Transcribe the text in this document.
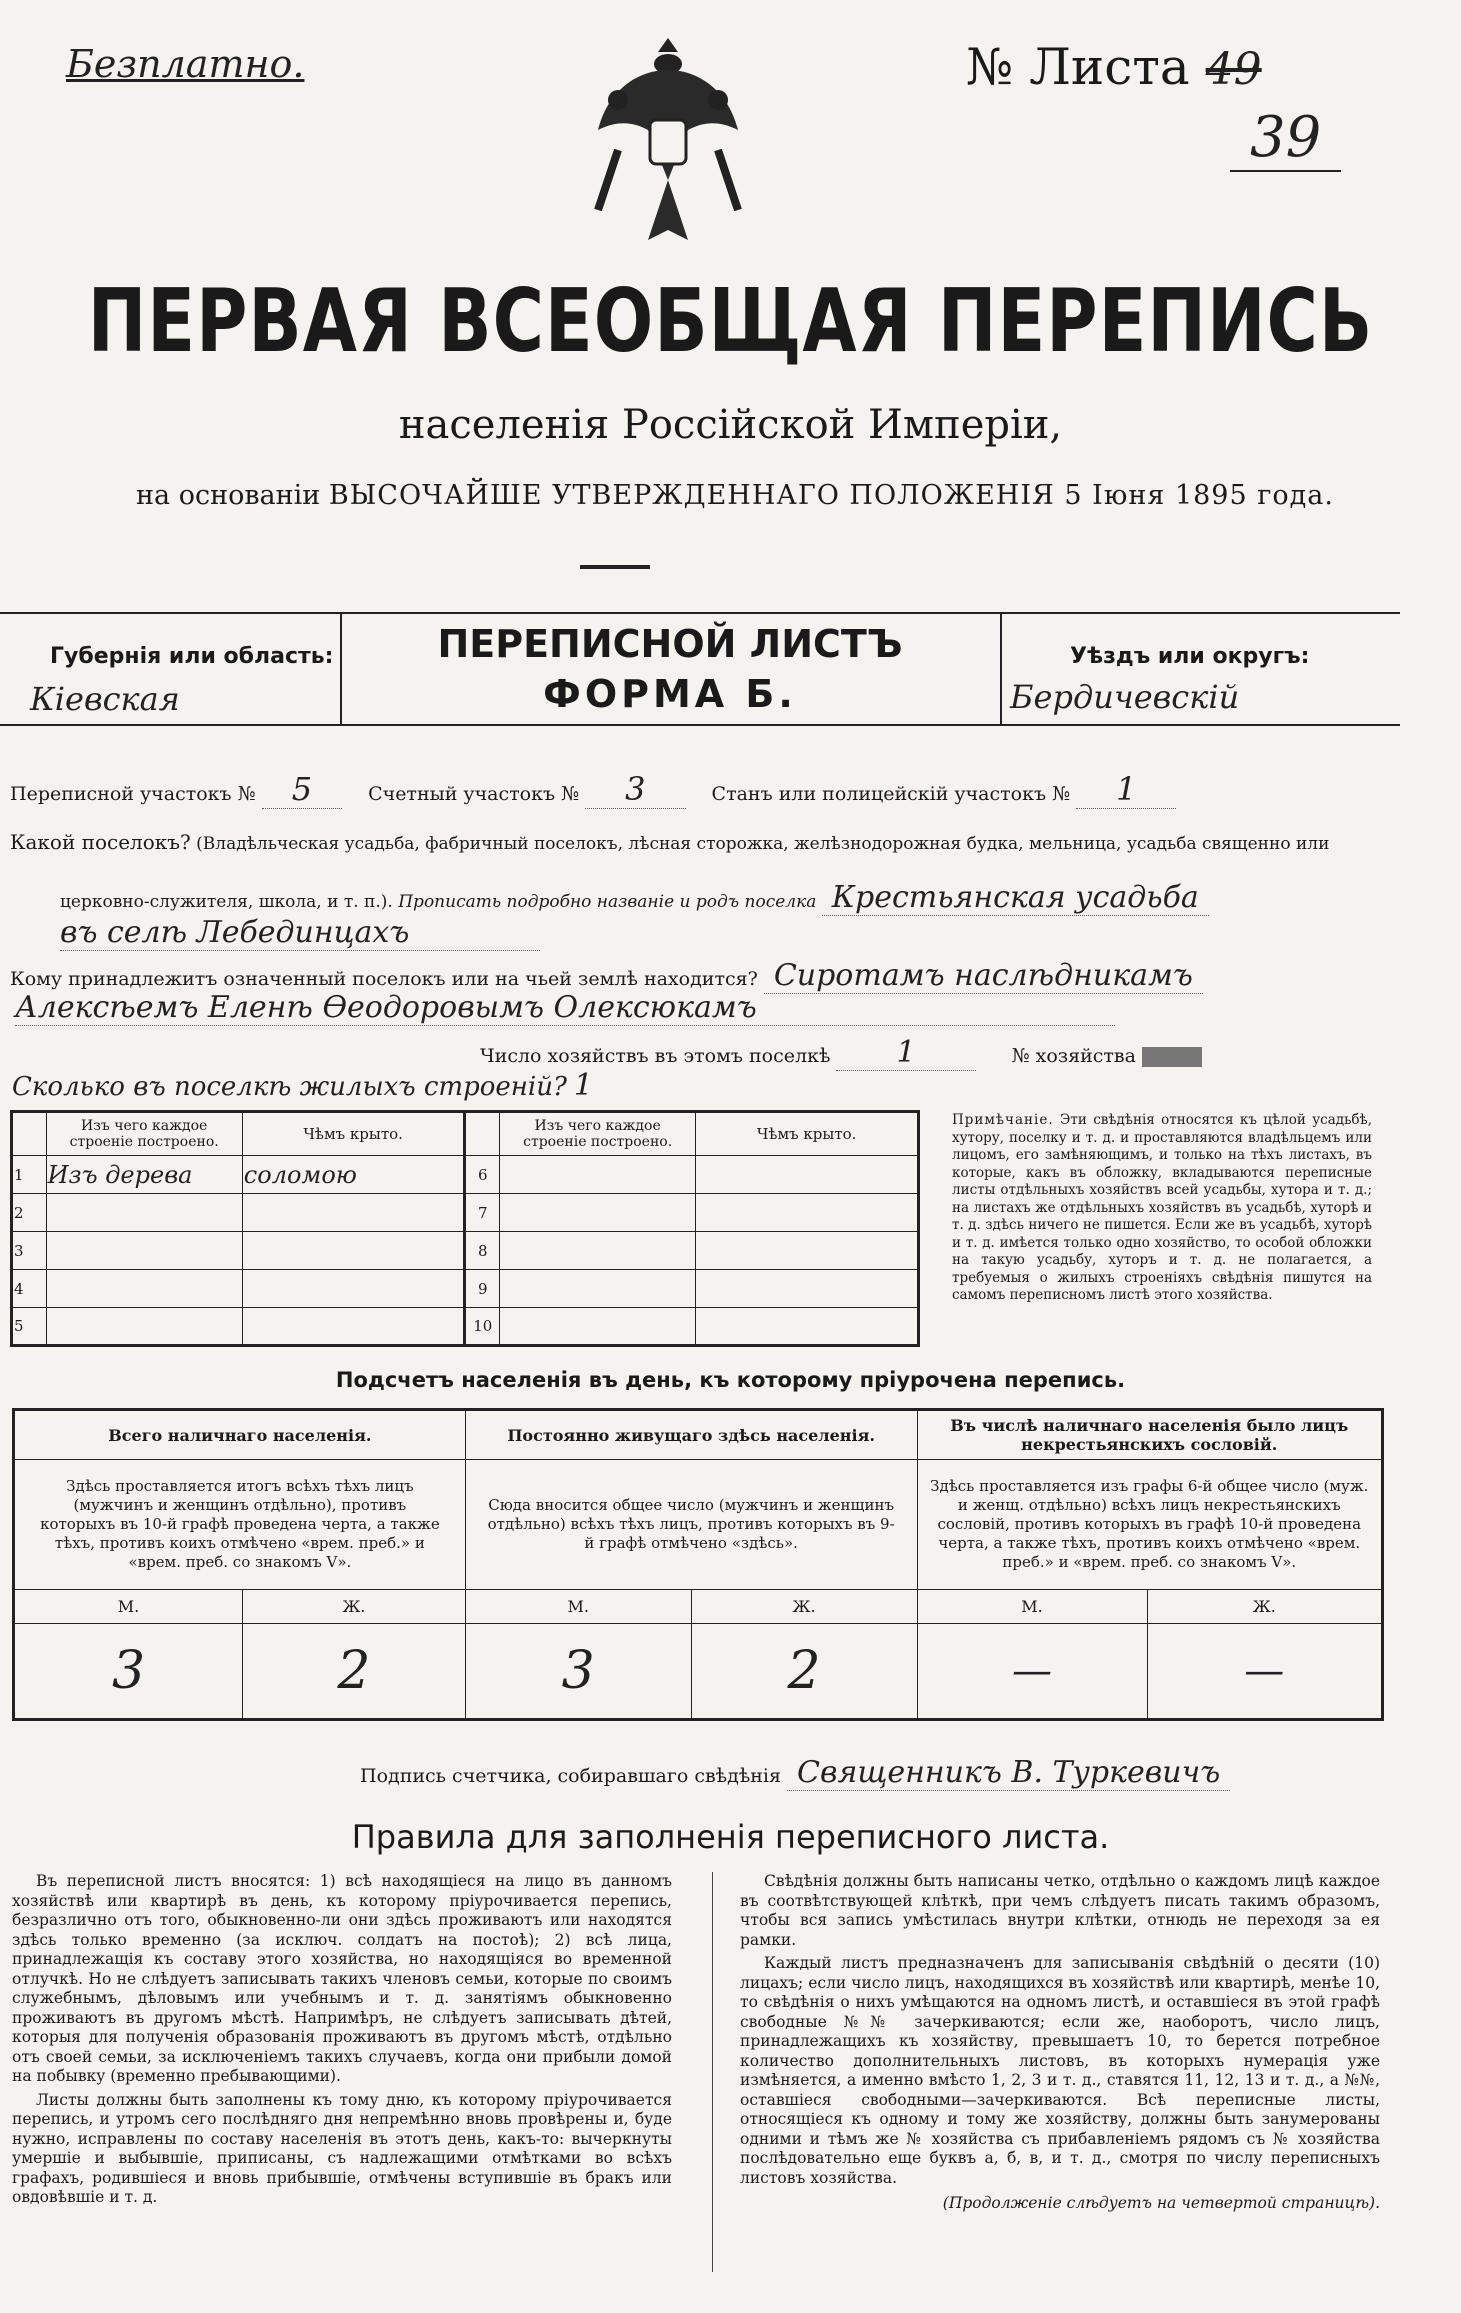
Безплатно.	№ Листа 49
39
ПЕРВАЯ ВСЕОБЩАЯ ПЕРЕПИСЬ
населенія Россійской Имперіи,
на основаніи ВЫСОЧАЙШЕ УТВЕРЖДЕННАГО ПОЛОЖЕНІЯ 5 Іюня 1895 года.
Губернія или область:
Кіевская
ПЕРЕПИСНОЙ ЛИСТЪ
ФОРМА Б.
Уѣздъ или округъ:
Бердичевскій
Переписной участокъ № 5	Счетный участокъ № 3	Станъ или полицейскій участокъ № 1
Какой поселокъ? (Владѣльческая усадьба, фабричный поселокъ, лѣсная сторожка, желѣзнодорожная будка, мельница, усадьба священно или
церковно-служителя, школа, и т. п.). Прописать подробно названіе и родъ поселка Крестьянская усадьба
въ селѣ Лебединцахъ
Кому принадлежитъ означенный поселокъ или на чьей землѣ находится? Сиротамъ наслѣдникамъ
Алексѣемъ Еленѣ Ѳеодоровымъ Олексюкамъ
Число хозяйствъ въ этомъ поселкѣ 1	№ хозяйства
Сколько въ поселкѣ жилыхъ строеній? 1
	Изъ чего каждое строеніе построено.	Чѣмъ крыто.		Изъ чего каждое строеніе построено.	Чѣмъ крыто.
1	Изъ дерева	соломою	6		
2			7		
3			8		
4			9		
5			10		
Примѣчаніе. Эти свѣдѣнія относятся къ цѣлой усадьбѣ, хутору, поселку и т. д. и проставляются владѣльцемъ или лицомъ, его замѣняющимъ, и только на тѣхъ листахъ, въ которые, какъ въ обложку, вкладываются переписные листы отдѣльныхъ хозяйствъ всей усадьбы, хутора и т. д.; на листахъ же отдѣльныхъ хозяйствъ въ усадьбѣ, хуторѣ и т. д. здѣсь ничего не пишется. Если же въ усадьбѣ, хуторѣ и т. д. имѣется только одно хозяйство, то особой обложки на такую усадьбу, хуторъ и т. д. не полагается, а требуемыя о жилыхъ строеніяхъ свѣдѣнія пишутся на самомъ переписномъ листѣ этого хозяйства.
Подсчетъ населенія въ день, къ которому пріурочена перепись.
Всего наличнаго населенія.		Постоянно живущаго здѣсь населенія.		Въ числѣ наличнаго населенія было лицъ некрестьянскихъ сословій.	
Здѣсь проставляется итогъ всѣхъ тѣхъ лицъ (мужчинъ и женщинъ отдѣльно), противъ которыхъ въ 10-й графѣ проведена черта, а также тѣхъ, противъ коихъ отмѣчено «врем. преб.» и «врем. преб. со знакомъ V».		Сюда вносится общее число (мужчинъ и женщинъ отдѣльно) всѣхъ тѣхъ лицъ, противъ которыхъ въ 9-й графѣ отмѣчено «здѣсь».		Здѣсь проставляется изъ графы 6-й общее число (муж. и женщ. отдѣльно) всѣхъ лицъ некрестьянскихъ сословій, противъ которыхъ въ графѣ 10-й проведена черта, а также тѣхъ, противъ коихъ отмѣчено «врем. преб.» и «врем. преб. со знакомъ V».	
М.	Ж.	М.	Ж.	М.	Ж.
3	2	3	2	—	—
Подпись счетчика, собиравшаго свѣдѣнія Священникъ В. Туркевичъ
Правила для заполненія переписного листа.

Въ переписной листъ вносятся: 1) всѣ находящіеся на лицо въ данномъ хозяйствѣ или квартирѣ въ день, къ которому пріурочивается перепись, безразлично отъ того, обыкновенно-ли они здѣсь проживаютъ или находятся здѣсь только временно (за исключ. солдатъ на постоѣ); 2) всѣ лица, принадлежащія къ составу этого хозяйства, но находящіяся во временной отлучкѣ. Но не слѣдуетъ записывать такихъ членовъ семьи, которые по своимъ служебнымъ, дѣловымъ или учебнымъ и т. д. занятіямъ обыкновенно проживаютъ въ другомъ мѣстѣ. Напримѣръ, не слѣдуетъ записывать дѣтей, которыя для полученія образованія проживаютъ въ другомъ мѣстѣ, отдѣльно отъ своей семьи, за исключеніемъ такихъ случаевъ, когда они прибыли домой на побывку (временно пребывающими).

Листы должны быть заполнены къ тому дню, къ которому пріурочивается перепись, и утромъ сего послѣдняго дня непремѣнно вновь провѣрены и, буде нужно, исправлены по составу населенія въ этотъ день, какъ-то: вычеркнуты умершіе и выбывшіе, приписаны, съ надлежащими отмѣтками во всѣхъ графахъ, родившіеся и вновь прибывшіе, отмѣчены вступившіе въ бракъ или овдовѣвшіе и т. д.

Свѣдѣнія должны быть написаны четко, отдѣльно о каждомъ лицѣ каждое въ соотвѣтствующей клѣткѣ, при чемъ слѣдуетъ писать такимъ образомъ, чтобы вся запись умѣстилась внутри клѣтки, отнюдь не переходя за ея рамки.

Каждый листъ предназначенъ для записыванія свѣдѣній о десяти (10) лицахъ; если число лицъ, находящихся въ хозяйствѣ или квартирѣ, менѣе 10, то свѣдѣнія о нихъ умѣщаются на одномъ листѣ, и оставшіеся въ этой графѣ свободные №№ зачеркиваются; если же, наоборотъ, число лицъ, принадлежащихъ къ хозяйству, превышаетъ 10, то берется потребное количество дополнительныхъ листовъ, въ которыхъ нумерація уже измѣняется, а именно вмѣсто 1, 2, 3 и т. д., ставятся 11, 12, 13 и т. д., а №№, оставшіеся свободными—зачеркиваются. Всѣ переписные листы, относящіеся къ одному и тому же хозяйству, должны быть занумерованы одними и тѣмъ же № хозяйства съ прибавленіемъ рядомъ съ № хозяйства послѣдовательно еще буквъ а, б, в, и т. д., смотря по числу переписныхъ листовъ хозяйства.

(Продолженіе слѣдуетъ на четвертой страницѣ).
